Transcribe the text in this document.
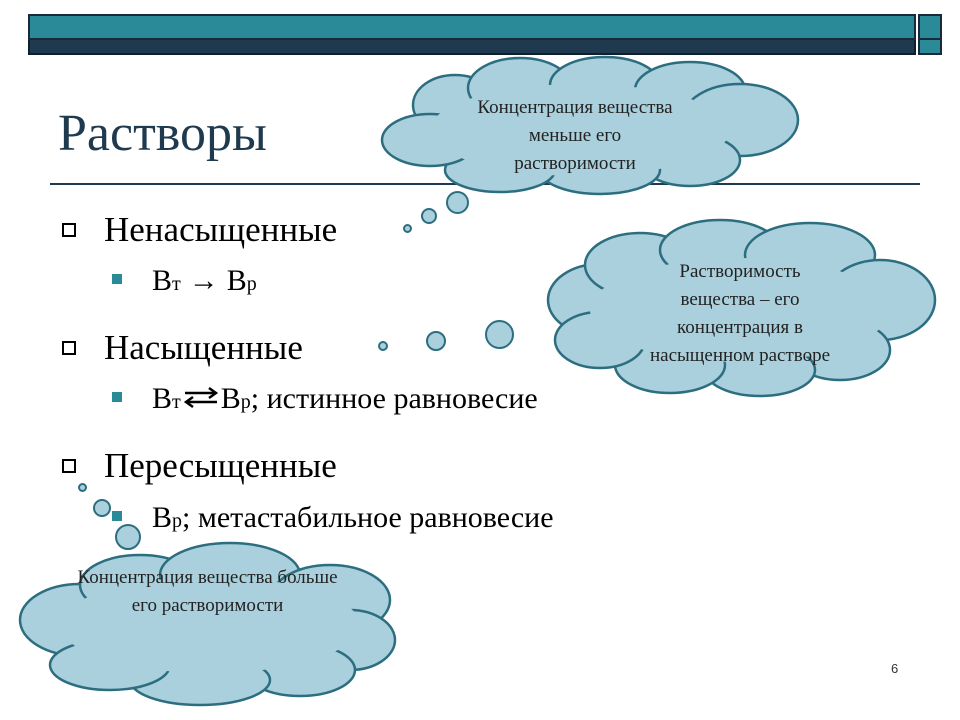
Растворы	Концентрация вещества
меньше его
растворимости
Растворимость
вещества – его
концентрация в
насыщенном растворе
Концентрация вещества больше
его растворимости
Ненасыщенные
В т → В р
Насыщенные
В т ⇌ В р ; истинное равновесие
Пересыщенные
В р ; метастабильное равновесие
6
